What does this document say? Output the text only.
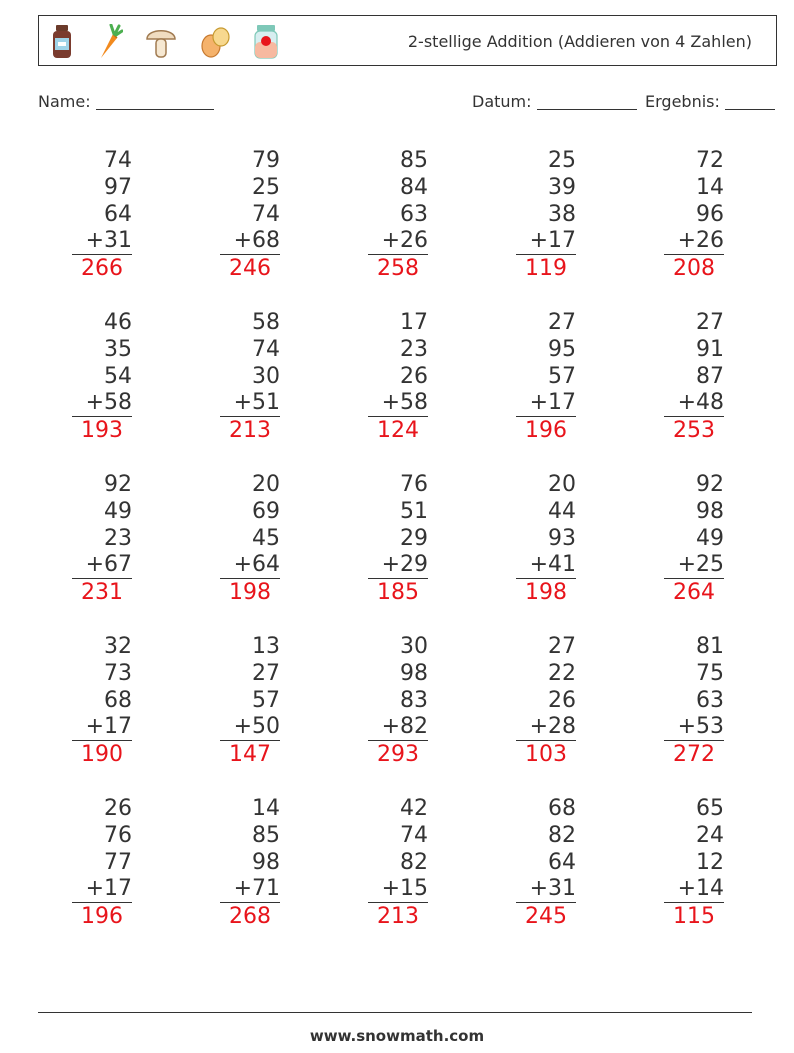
2-stellige Addition (Addieren von 4 Zahlen)
Name:	Datum:	Ergebnis:
74
97
64
+31
266
79
25
74
+68
246
85
84
63
+26
258
25
39
38
+17
119
72
14
96
+26
208
46
35
54
+58
193
58
74
30
+51
213
17
23
26
+58
124
27
95
57
+17
196
27
91
87
+48
253
92
49
23
+67
231
20
69
45
+64
198
76
51
29
+29
185
20
44
93
+41
198
92
98
49
+25
264
32
73
68
+17
190
13
27
57
+50
147
30
98
83
+82
293
27
22
26
+28
103
81
75
63
+53
272
26
76
77
+17
196
14
85
98
+71
268
42
74
82
+15
213
68
82
64
+31
245
65
24
12
+14
115
www.snowmath.com
